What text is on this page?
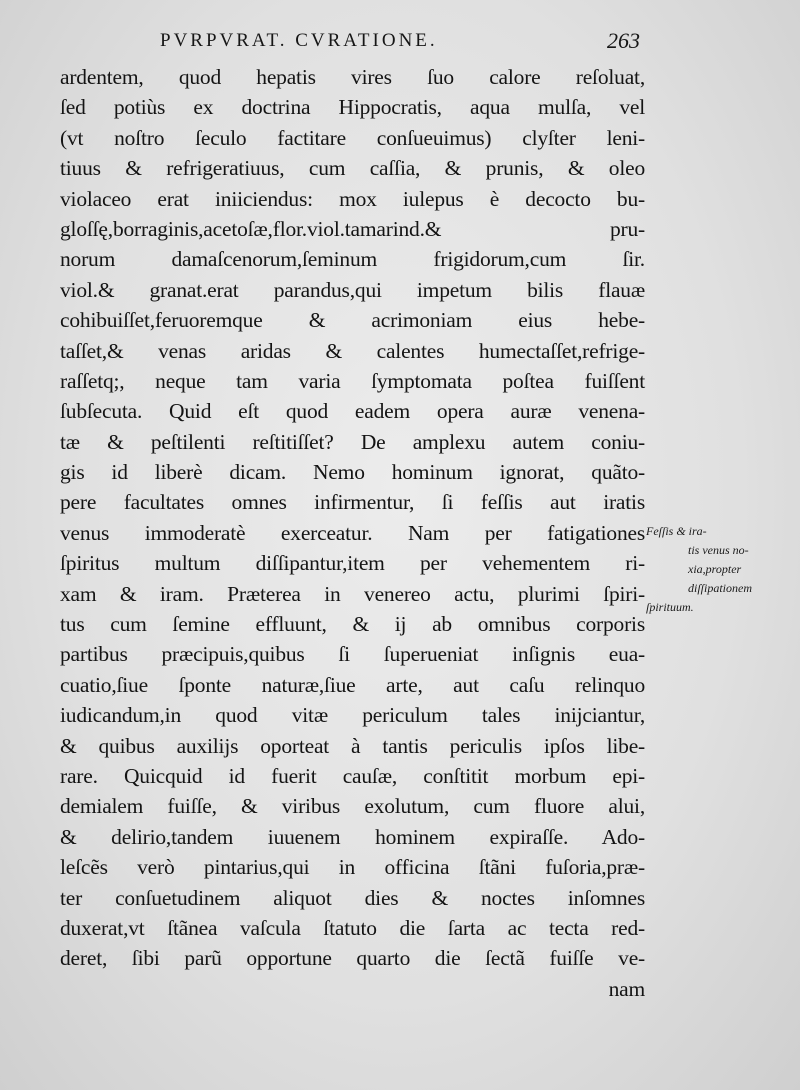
PVRPVRAT. CVRATIONE.	263
ardentem, quod hepatis vires ſuo calore reſoluat,
ſed potiùs ex doctrina Hippocratis, aqua mulſa, vel
(vt noſtro ſeculo factitare conſueuimus) clyſter leni-
tiuus & refrigeratiuus, cum caſſia, & prunis, & oleo
violaceo erat iniiciendus: mox iulepus è decocto bu-
gloſſę,borraginis,acetoſæ,flor.viol.tamarind.& pru-
norum damaſcenorum,ſeminum frigidorum,cum ſir.
viol.& granat.erat parandus,qui impetum bilis flauæ
cohibuiſſet,feruoremque & acrimoniam eius hebe-
taſſet,& venas aridas & calentes humectaſſet,refrige-
raſſetq;, neque tam varia ſymptomata poſtea fuiſſent
ſubſecuta. Quid eſt quod eadem opera auræ venena-
tæ & peſtilenti reſtitiſſet? De amplexu autem coniu-
gis id liberè dicam. Nemo hominum ignorat, quãto-
pere facultates omnes infirmentur, ſi feſſis aut iratis
venus immoderatè exerceatur. Nam per fatigationes
ſpiritus multum diſſipantur,item per vehementem ri-
xam & iram. Præterea in venereo actu, plurimi ſpiri-
tus cum ſemine effluunt, & ij ab omnibus corporis
partibus præcipuis,quibus ſi ſuperueniat inſignis eua-
cuatio,ſiue ſponte naturæ,ſiue arte, aut caſu relinquo
iudicandum,in quod vitæ periculum tales inijciantur,
& quibus auxilijs oporteat à tantis periculis ipſos libe-
rare. Quicquid id fuerit cauſæ, conſtitit morbum epi-
demialem fuiſſe, & viribus exolutum, cum fluore alui,
& delirio,tandem iuuenem hominem expiraſſe. Ado-
leſcẽs verò pintarius,qui in officina ſtãni fuſoria,præ-
ter conſuetudinem aliquot dies & noctes inſomnes
duxerat,vt ſtãnea vaſcula ſtatuto die ſarta ac tecta red-
deret, ſibi parũ opportune quarto die ſectã fuiſſe ve-
nam
Feſſis & ira-
tis venus no-
xia,propter
diſſipationem
ſpirituum.
